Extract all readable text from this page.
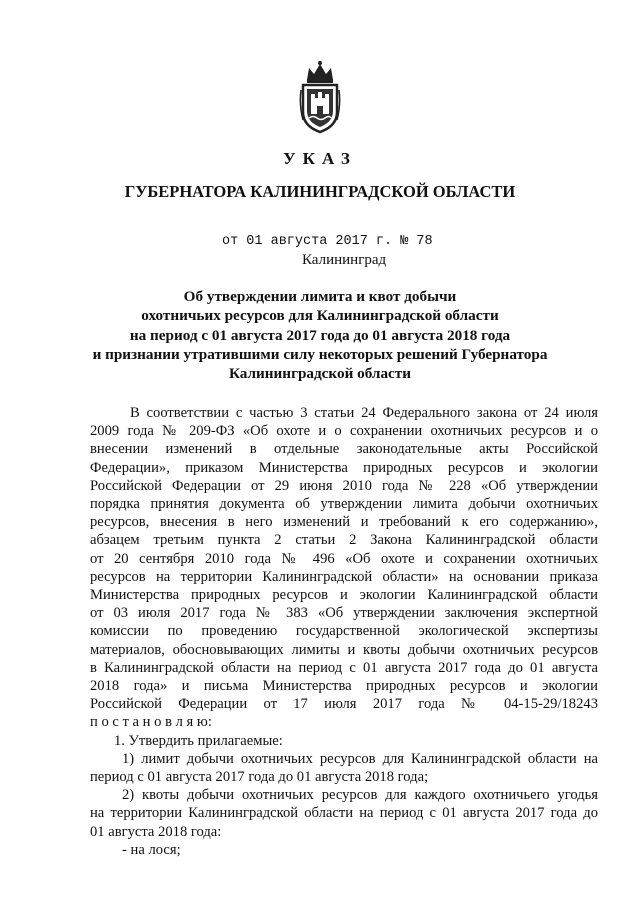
УКАЗ
ГУБЕРНАТОРА КАЛИНИНГРАДСКОЙ ОБЛАСТИ
от 01 августа 2017 г. № 78
Калининград
Об утверждении лимита и квот добычи
охотничьих ресурсов для Калининградской области
на период с 01 августа 2017 года до 01 августа 2018 года
и признании утратившими силу некоторых решений Губернатора
Калининградской области
В соответствии с частью 3 статьи 24 Федерального закона от 24 июля
2009 года № 209-ФЗ «Об охоте и о сохранении охотничьих ресурсов и о
внесении изменений в отдельные законодательные акты Российской
Федерации», приказом Министерства природных ресурсов и экологии
Российской Федерации от 29 июня 2010 года № 228 «Об утверждении
порядка принятия документа об утверждении лимита добычи охотничьих
ресурсов, внесения в него изменений и требований к его содержанию»,
абзацем третьим пункта 2 статьи 2 Закона Калининградской области
от 20 сентября 2010 года № 496 «Об охоте и сохранении охотничьих
ресурсов на территории Калининградской области» на основании приказа
Министерства природных ресурсов и экологии Калининградской области
от 03 июля 2017 года № 383 «Об утверждении заключения экспертной
комиссии по проведению государственной экологической экспертизы
материалов, обосновывающих лимиты и квоты добычи охотничьих ресурсов
в Калининградской области на период с 01 августа 2017 года до 01 августа
2018 года» и письма Министерства природных ресурсов и экологии
Российской Федерации от 17 июля 2017 года № 04-15-29/18243
п о с т а н о в л я ю:
1. Утвердить прилагаемые:
1) лимит добычи охотничьих ресурсов для Калининградской области на
период с 01 августа 2017 года до 01 августа 2018 года;
2) квоты добычи охотничьих ресурсов для каждого охотничьего угодья
на территории Калининградской области на период с 01 августа 2017 года до
01 августа 2018 года:
- на лося;
